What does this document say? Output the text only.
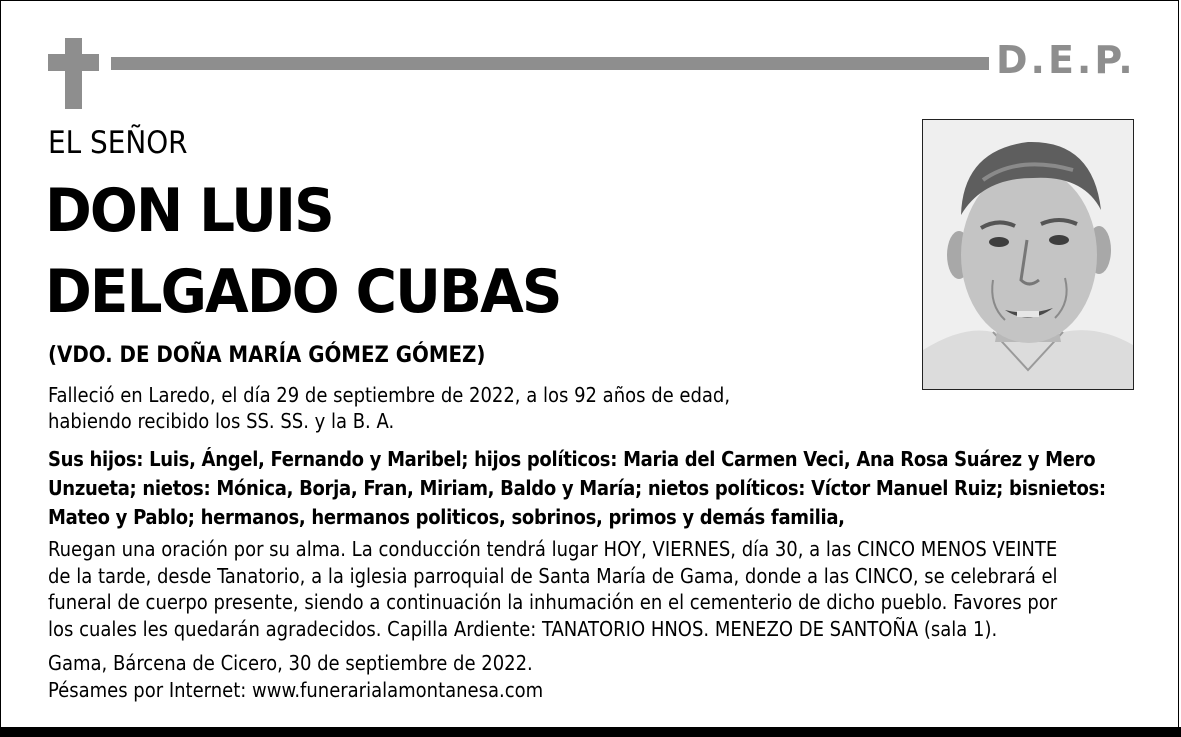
D.E.P.
EL SEÑOR
DON LUIS
DELGADO CUBAS
(VDO. DE DOÑA MARÍA GÓMEZ GÓMEZ)
Falleció en Laredo, el día 29 de septiembre de 2022, a los 92 años de edad,
habiendo recibido los SS. SS. y la B. A.
Sus hijos: Luis, Ángel, Fernando y Maribel; hijos políticos: Maria del Carmen Veci, Ana Rosa Suárez y Mero
Unzueta; nietos: Mónica, Borja, Fran, Miriam, Baldo y María; nietos políticos: Víctor Manuel Ruiz; bisnietos:
Mateo y Pablo; hermanos, hermanos politicos, sobrinos, primos y demás familia,
Ruegan una oración por su alma. La conducción tendrá lugar HOY, VIERNES, día 30, a las CINCO MENOS VEINTE
de la tarde, desde Tanatorio, a la iglesia parroquial de Santa María de Gama, donde a las CINCO, se celebrará el
funeral de cuerpo presente, siendo a continuación la inhumación en el cementerio de dicho pueblo. Favores por
los cuales les quedarán agradecidos. Capilla Ardiente: TANATORIO HNOS. MENEZO DE SANTOÑA (sala 1).
Gama, Bárcena de Cicero, 30 de septiembre de 2022.
Pésames por Internet: www.funerarialamontanesa.com
